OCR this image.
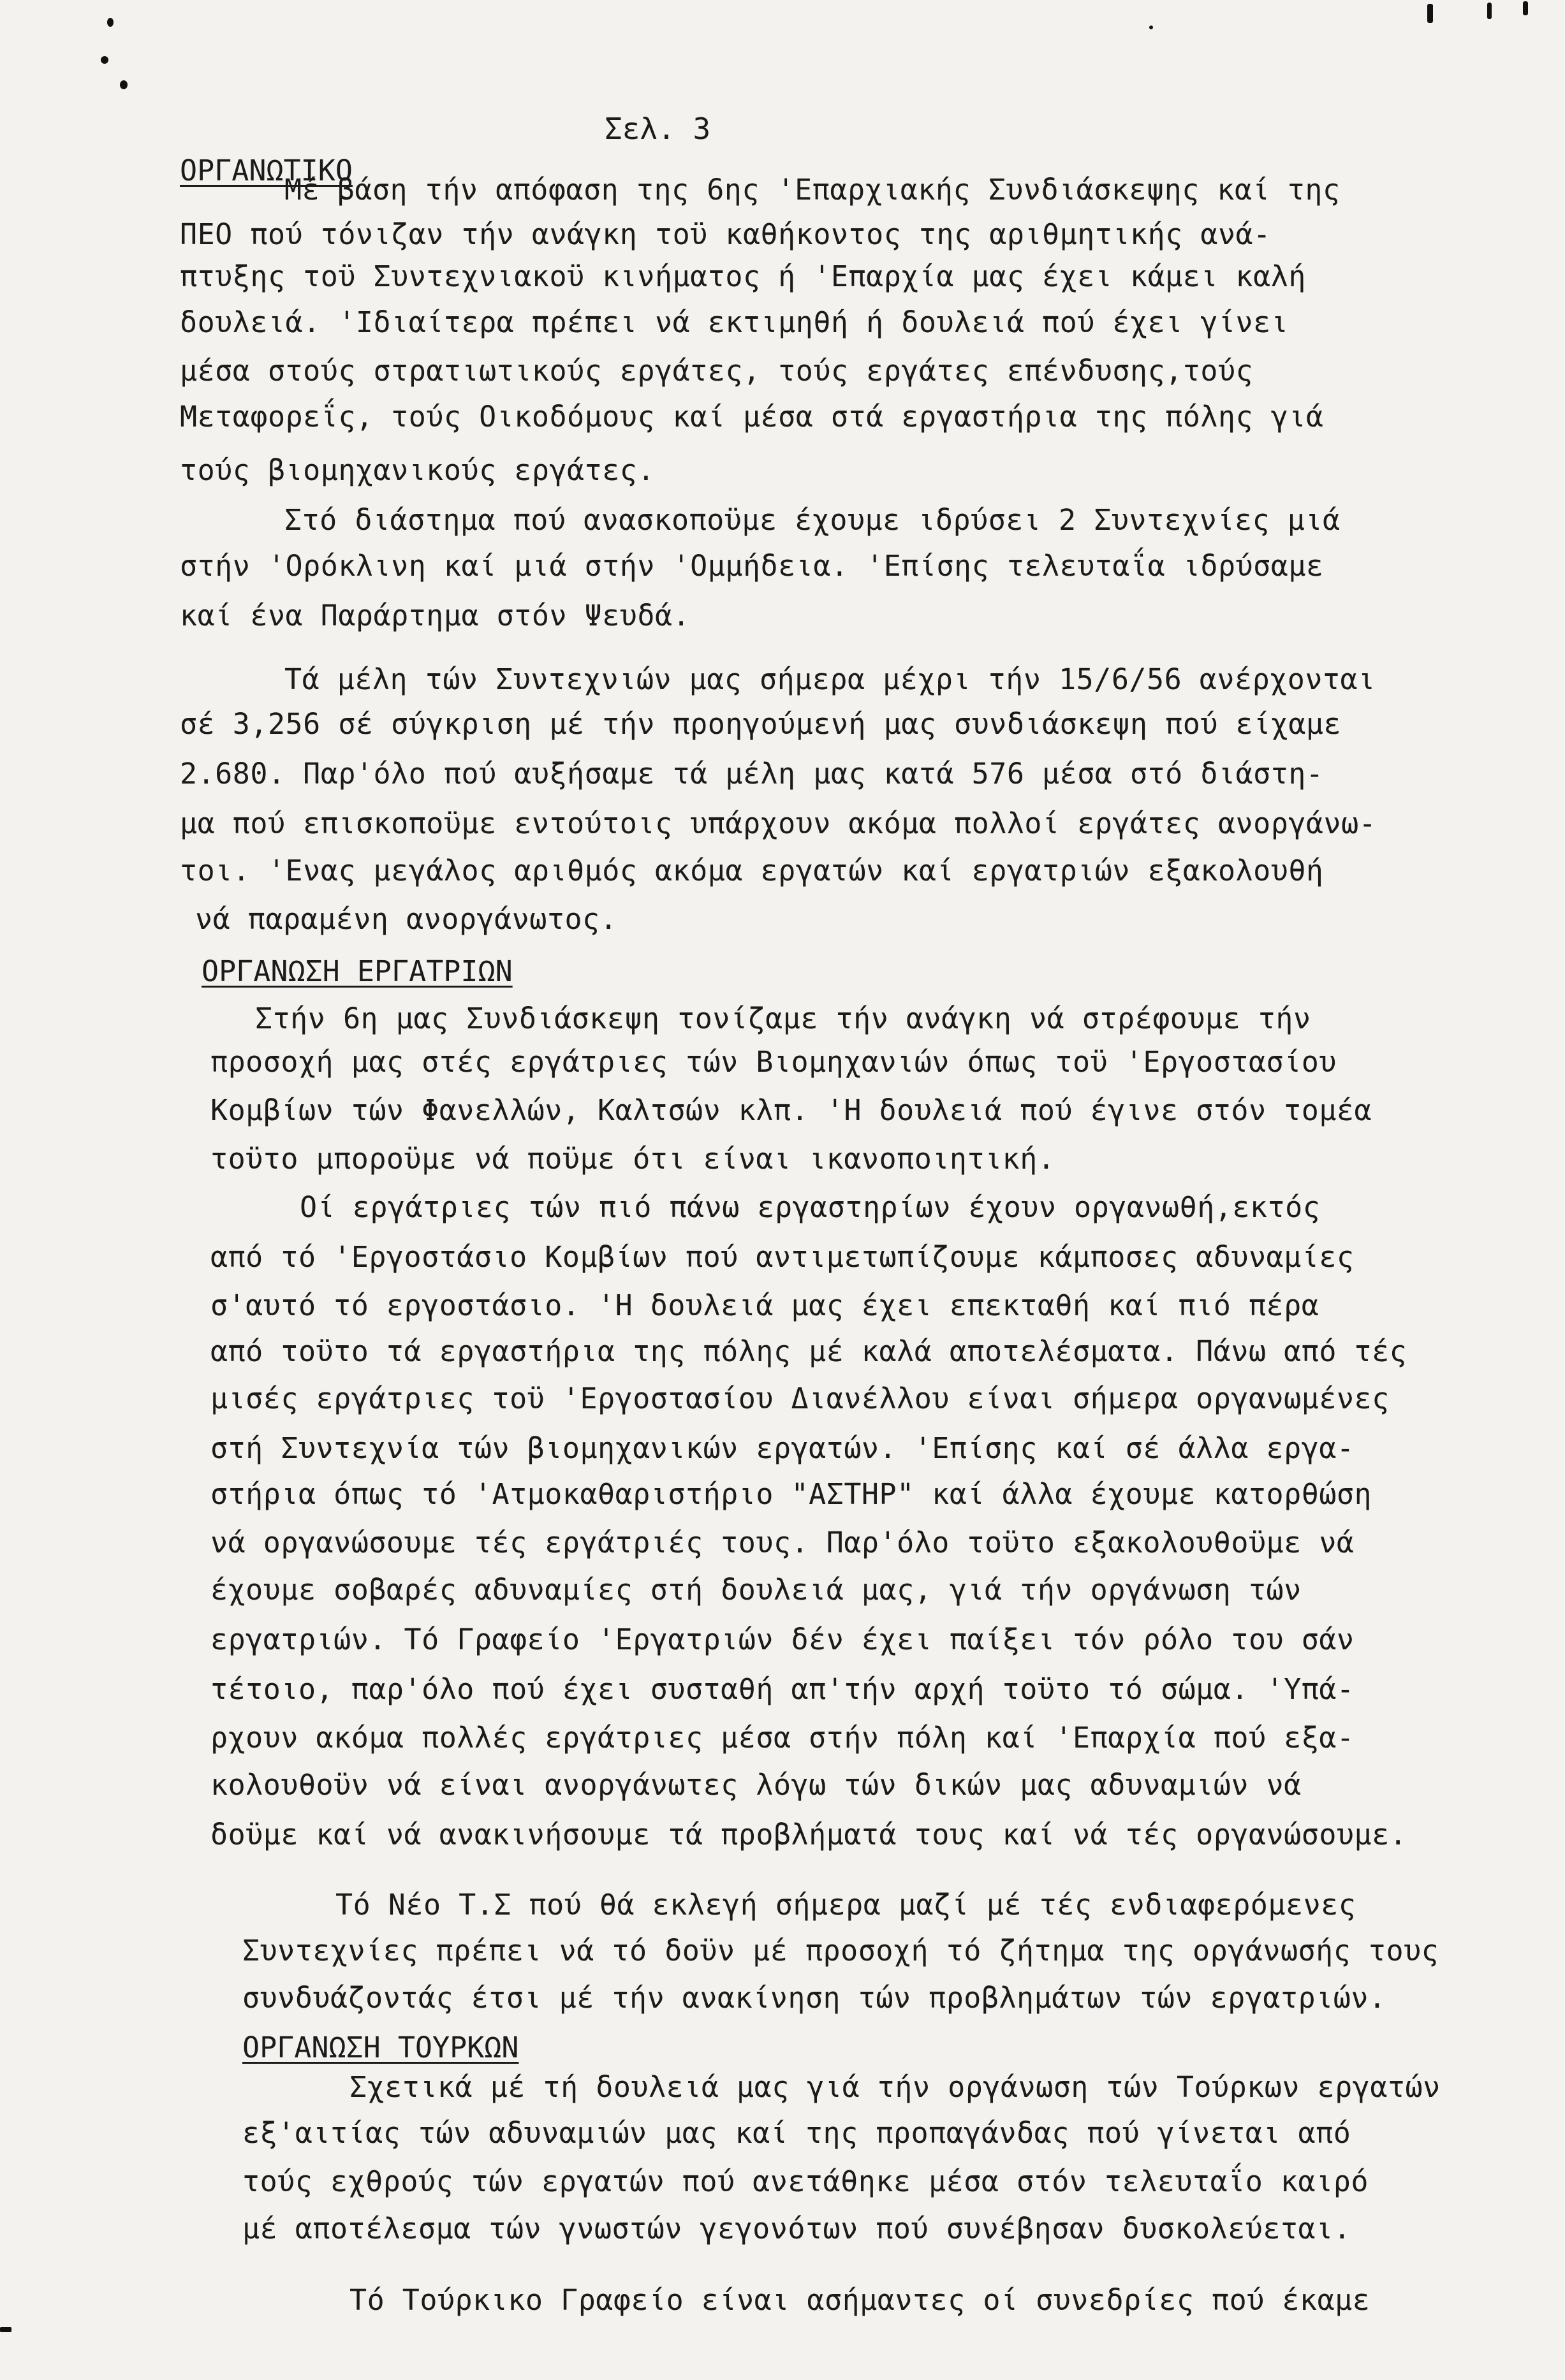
Σελ. 3
ΟΡΓΑΝΩΤΙΚΟ
Μέ βάση τήν απόφαση της 6ης 'Επαρχιακής Συνδιάσκεψης καί της
ΠΕΟ πού τόνιζαν τήν ανάγκη τοϋ καθήκοντος της αριθμητικής ανά-
πτυξης τοϋ Συντεχνιακοϋ κινήματος ή 'Επαρχία μας έχει κάμει καλή
δουλειά. 'Ιδιαίτερα πρέπει νά εκτιμηθή ή δουλειά πού έχει γίνει
μέσα στούς στρατιωτικούς εργάτες, τούς εργάτες επένδυσης,τούς
Μεταφορεΐς, τούς Οικοδόμους καί μέσα στά εργαστήρια της πόλης γιά
τούς βιομηχανικούς εργάτες.
Στό διάστημα πού ανασκοποϋμε έχουμε ιδρύσει 2 Συντεχνίες μιά
στήν 'Ορόκλινη καί μιά στήν 'Ομμήδεια. 'Επίσης τελευταΐα ιδρύσαμε
καί ένα Παράρτημα στόν Ψευδά.
Τά μέλη τών Συντεχνιών μας σήμερα μέχρι τήν 15/6/56 ανέρχονται
σέ 3,256 σέ σύγκριση μέ τήν προηγούμενή μας συνδιάσκεψη πού είχαμε
2.680. Παρ'όλο πού αυξήσαμε τά μέλη μας κατά 576 μέσα στό διάστη-
μα πού επισκοποϋμε εντούτοις υπάρχουν ακόμα πολλοί εργάτες ανοργάνω-
τοι. 'Ενας μεγάλος αριθμός ακόμα εργατών καί εργατριών εξακολουθή
νά παραμένη ανοργάνωτος.
ΟΡΓΑΝΩΣΗ ΕΡΓΑΤΡΙΩΝ
Στήν 6η μας Συνδιάσκεψη τονίζαμε τήν ανάγκη νά στρέφουμε τήν
προσοχή μας στές εργάτριες τών Βιομηχανιών όπως τοϋ 'Εργοστασίου
Κομβίων τών Φανελλών, Καλτσών κλπ. 'Η δουλειά πού έγινε στόν τομέα
τοϋτο μποροϋμε νά ποϋμε ότι είναι ικανοποιητική.
Οί εργάτριες τών πιό πάνω εργαστηρίων έχουν οργανωθή,εκτός
από τό 'Εργοστάσιο Κομβίων πού αντιμετωπίζουμε κάμποσες αδυναμίες
σ'αυτό τό εργοστάσιο. 'Η δουλειά μας έχει επεκταθή καί πιό πέρα
από τοϋτο τά εργαστήρια της πόλης μέ καλά αποτελέσματα. Πάνω από τές
μισές εργάτριες τοϋ 'Εργοστασίου Διανέλλου είναι σήμερα οργανωμένες
στή Συντεχνία τών βιομηχανικών εργατών. 'Επίσης καί σέ άλλα εργα-
στήρια όπως τό 'Ατμοκαθαριστήριο "ΑΣΤΗΡ" καί άλλα έχουμε κατορθώση
νά οργανώσουμε τές εργάτριές τους. Παρ'όλο τοϋτο εξακολουθοϋμε νά
έχουμε σοβαρές αδυναμίες στή δουλειά μας, γιά τήν οργάνωση τών
εργατριών. Τό Γραφείο 'Εργατριών δέν έχει παίξει τόν ρόλο του σάν
τέτοιο, παρ'όλο πού έχει συσταθή απ'τήν αρχή τοϋτο τό σώμα. 'Υπά-
ρχουν ακόμα πολλές εργάτριες μέσα στήν πόλη καί 'Επαρχία πού εξα-
κολουθοϋν νά είναι ανοργάνωτες λόγω τών δικών μας αδυναμιών νά
δοϋμε καί νά ανακινήσουμε τά προβλήματά τους καί νά τές οργανώσουμε.
Τό Νέο Τ.Σ πού θά εκλεγή σήμερα μαζί μέ τές ενδιαφερόμενες
Συντεχνίες πρέπει νά τό δοϋν μέ προσοχή τό ζήτημα της οργάνωσής τους
συνδυάζοντάς έτσι μέ τήν ανακίνηση τών προβλημάτων τών εργατριών.
ΟΡΓΑΝΩΣΗ ΤΟΥΡΚΩΝ
Σχετικά μέ τή δουλειά μας γιά τήν οργάνωση τών Τούρκων εργατών
εξ'αιτίας τών αδυναμιών μας καί της προπαγάνδας πού γίνεται από
τούς εχθρούς τών εργατών πού ανετάθηκε μέσα στόν τελευταΐο καιρό
μέ αποτέλεσμα τών γνωστών γεγονότων πού συνέβησαν δυσκολεύεται.
Τό Τούρκικο Γραφείο είναι ασήμαντες οί συνεδρίες πού έκαμε
